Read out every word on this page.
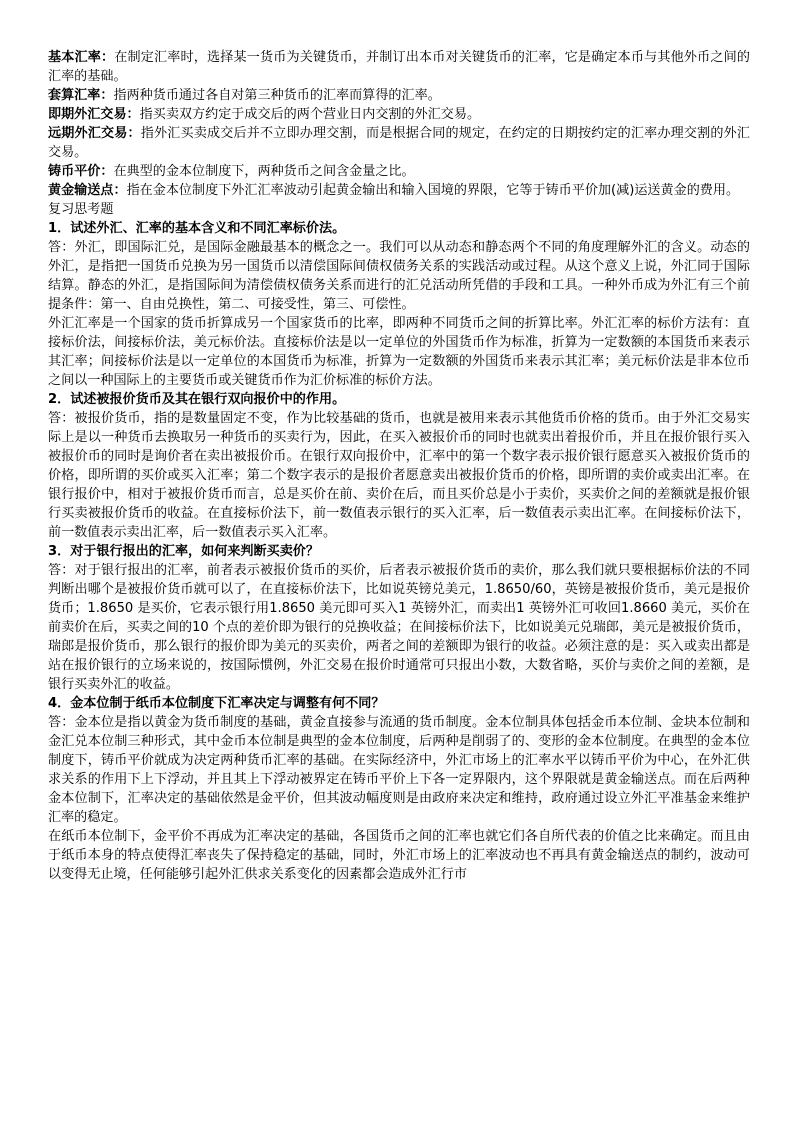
基本汇率：在制定汇率时，选择某一货币为关键货币，并制订出本币对关键货币的汇率，它是确定本币与其他外币之间的汇率的基础。

套算汇率：指两种货币通过各自对第三种货币的汇率而算得的汇率。

即期外汇交易：指买卖双方约定于成交后的两个营业日内交割的外汇交易。

远期外汇交易：指外汇买卖成交后并不立即办理交割，而是根据合同的规定，在约定的日期按约定的汇率办理交割的外汇交易。

铸币平价：在典型的金本位制度下，两种货币之间含金量之比。

黄金输送点：指在金本位制度下外汇汇率波动引起黄金输出和输入国境的界限，它等于铸币平价加(减)运送黄金的费用。

复习思考题

1．试述外汇、汇率的基本含义和不同汇率标价法。

答：外汇，即国际汇兑，是国际金融最基本的概念之一。我们可以从动态和静态两个不同的角度理解外汇的含义。动态的外汇，是指把一国货币兑换为另一国货币以清偿国际间债权债务关系的实践活动或过程。从这个意义上说，外汇同于国际结算。静态的外汇，是指国际间为清偿债权债务关系而进行的汇兑活动所凭借的手段和工具。一种外币成为外汇有三个前提条件：第一、自由兑换性，第二、可接受性，第三、可偿性。

外汇汇率是一个国家的货币折算成另一个国家货币的比率，即两种不同货币之间的折算比率。外汇汇率的标价方法有：直接标价法，间接标价法，美元标价法。直接标价法是以一定单位的外国货币作为标准，折算为一定数额的本国货币来表示其汇率；间接标价法是以一定单位的本国货币为标准，折算为一定数额的外国货币来表示其汇率；美元标价法是非本位币之间以一种国际上的主要货币或关键货币作为汇价标准的标价方法。

2．试述被报价货币及其在银行双向报价中的作用。

答：被报价货币，指的是数量固定不变，作为比较基础的货币，也就是被用来表示其他货币价格的货币。由于外汇交易实际上是以一种货币去换取另一种货币的买卖行为，因此，在买入被报价币的同时也就卖出着报价币，并且在报价银行买入被报价币的同时是询价者在卖出被报价币。在银行双向报价中，汇率中的第一个数字表示报价银行愿意买入被报价货币的价格，即所谓的买价或买入汇率；第二个数字表示的是报价者愿意卖出被报价货币的价格，即所谓的卖价或卖出汇率。在银行报价中，相对于被报价货币而言，总是买价在前、卖价在后，而且买价总是小于卖价，买卖价之间的差额就是报价银行买卖被报价货币的收益。在直接标价法下，前一数值表示银行的买入汇率，后一数值表示卖出汇率。在间接标价法下，前一数值表示卖出汇率，后一数值表示买入汇率。

3．对于银行报出的汇率，如何来判断买卖价？

答：对于银行报出的汇率，前者表示被报价货币的买价，后者表示被报价货币的卖价，那么我们就只要根据标价法的不同判断出哪个是被报价货币就可以了，在直接标价法下，比如说英镑兑美元，1.8650/60，英镑是被报价货币，美元是报价货币；1.8650 是买价，它表示银行用1.8650 美元即可买入1 英镑外汇，而卖出1 英镑外汇可收回1.8660 美元，买价在前卖价在后，买卖之间的10 个点的差价即为银行的兑换收益；在间接标价法下，比如说美元兑瑞郎，美元是被报价货币，瑞郎是报价货币，那么银行的报价即为美元的买卖价，两者之间的差额即为银行的收益。必须注意的是：买入或卖出都是站在报价银行的立场来说的，按国际惯例，外汇交易在报价时通常可只报出小数，大数省略，买价与卖价之间的差额，是银行买卖外汇的收益。

4．金本位制于纸币本位制度下汇率决定与调整有何不同？

答：金本位是指以黄金为货币制度的基础，黄金直接参与流通的货币制度。金本位制具体包括金币本位制、金块本位制和金汇兑本位制三种形式，其中金币本位制是典型的金本位制度，后两种是削弱了的、变形的金本位制度。在典型的金本位制度下，铸币平价就成为决定两种货币汇率的基础。在实际经济中，外汇市场上的汇率水平以铸币平价为中心，在外汇供求关系的作用下上下浮动，并且其上下浮动被界定在铸币平价上下各一定界限内，这个界限就是黄金输送点。而在后两种金本位制下，汇率决定的基础依然是金平价，但其波动幅度则是由政府来决定和维持，政府通过设立外汇平准基金来维护汇率的稳定。

在纸币本位制下，金平价不再成为汇率决定的基础，各国货币之间的汇率也就它们各自所代表的价值之比来确定。而且由于纸币本身的特点使得汇率丧失了保持稳定的基础，同时，外汇市场上的汇率波动也不再具有黄金输送点的制约，波动可以变得无止境，任何能够引起外汇供求关系变化的因素都会造成外汇行市
